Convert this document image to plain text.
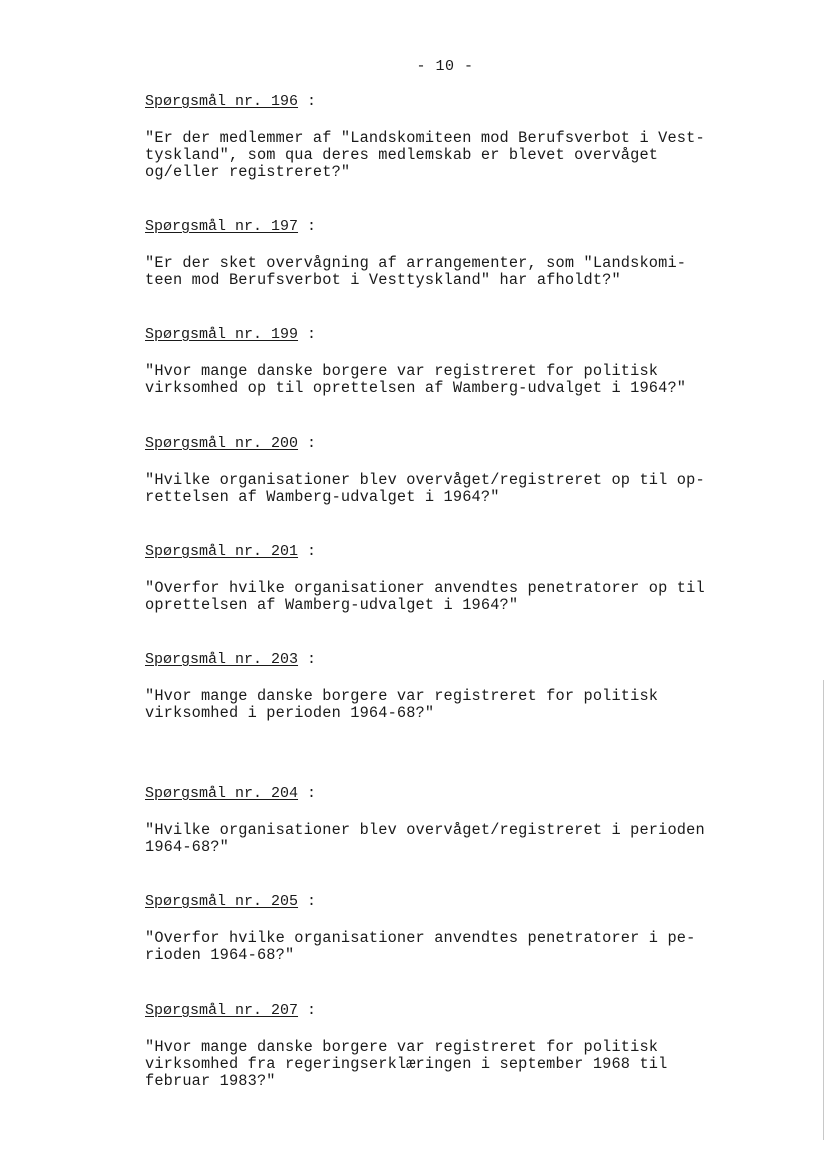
- 10 -
Spørgsmål nr. 196 :
"Er der medlemmer af "Landskomiteen mod Berufsverbot i Vest-
tyskland", som qua deres medlemskab er blevet overvåget
og/eller registreret?"
Spørgsmål nr. 197 :
"Er der sket overvågning af arrangementer, som "Landskomi-
teen mod Berufsverbot i Vesttyskland" har afholdt?"
Spørgsmål nr. 199 :
"Hvor mange danske borgere var registreret for politisk
virksomhed op til oprettelsen af Wamberg-udvalget i 1964?"
Spørgsmål nr. 200 :
"Hvilke organisationer blev overvåget/registreret op til op-
rettelsen af Wamberg-udvalget i 1964?"
Spørgsmål nr. 201 :
"Overfor hvilke organisationer anvendtes penetratorer op til
oprettelsen af Wamberg-udvalget i 1964?"
Spørgsmål nr. 203 :
"Hvor mange danske borgere var registreret for politisk
virksomhed i perioden 1964-68?"
Spørgsmål nr. 204 :
"Hvilke organisationer blev overvåget/registreret i perioden
1964-68?"
Spørgsmål nr. 205 :
"Overfor hvilke organisationer anvendtes penetratorer i pe-
rioden 1964-68?"
Spørgsmål nr. 207 :
"Hvor mange danske borgere var registreret for politisk
virksomhed fra regeringserklæringen i september 1968 til
februar 1983?"
